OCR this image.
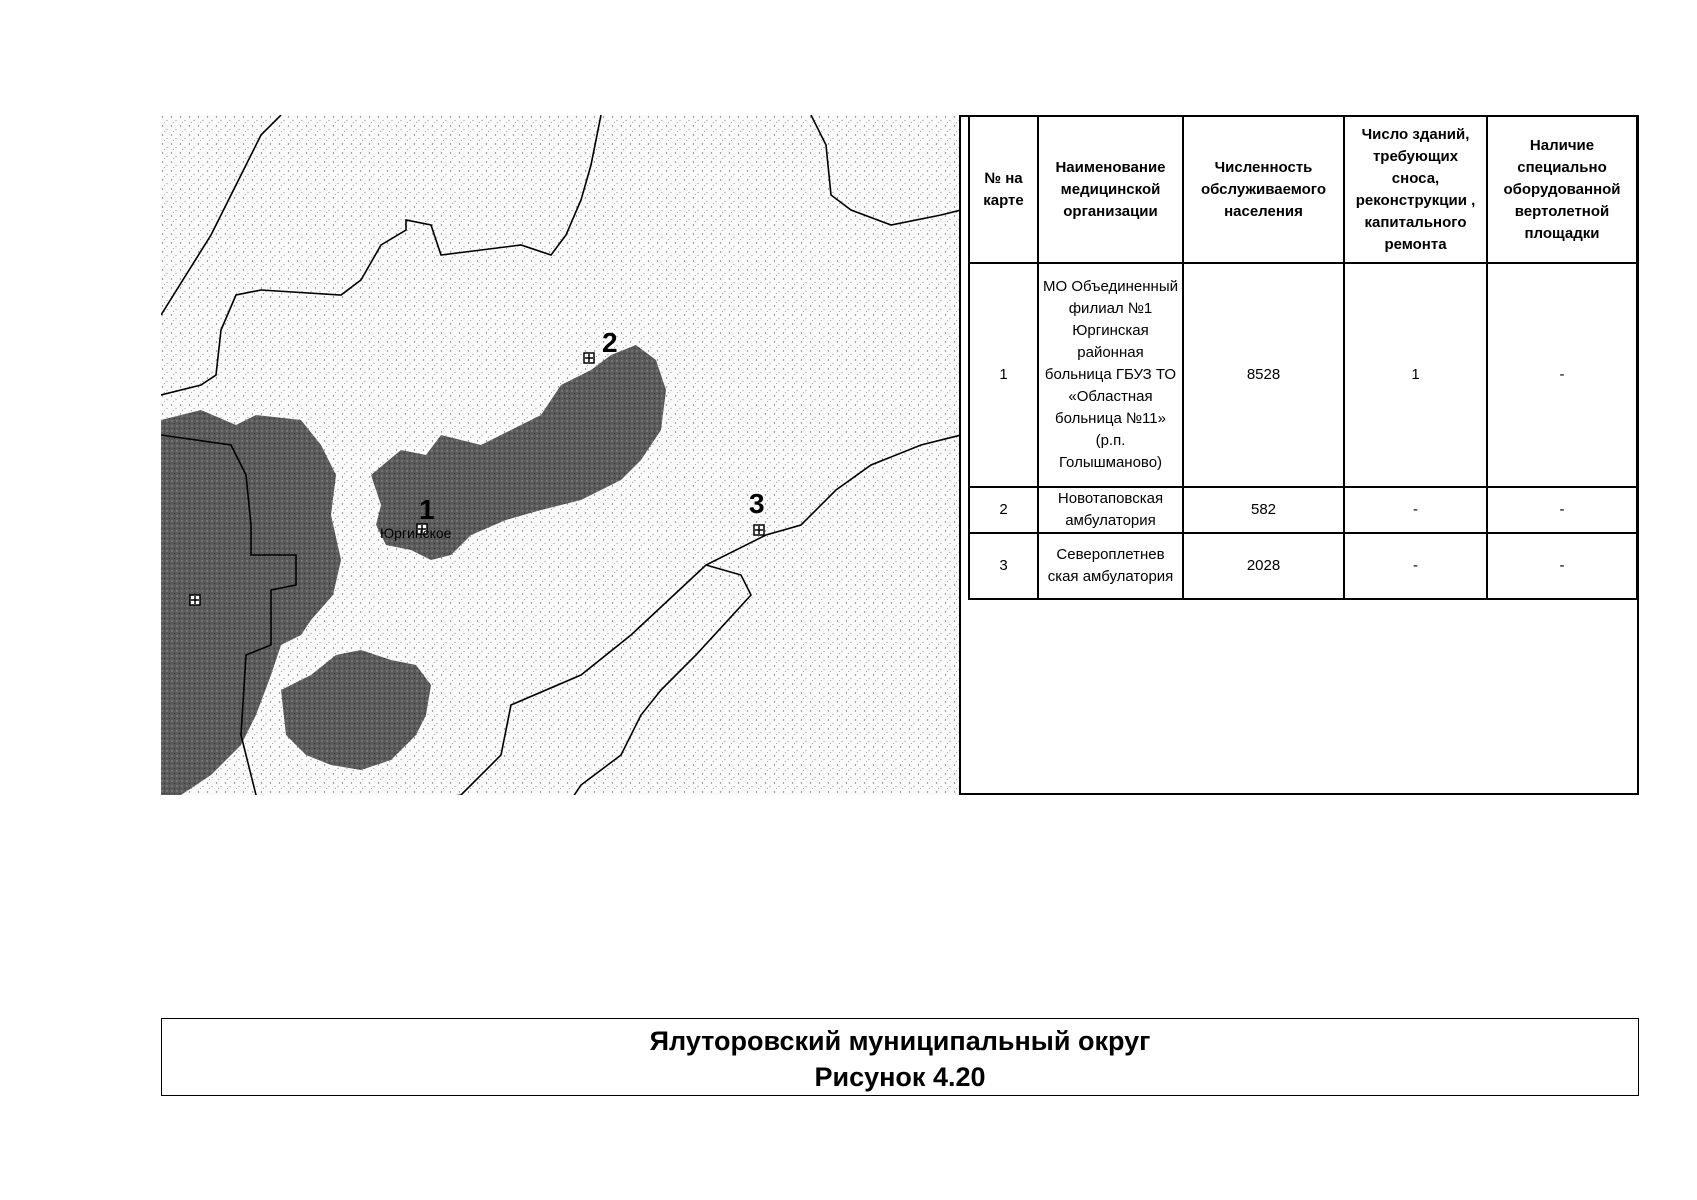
1
Юргинское
2
3
№ на карте	Наименование медицинской организации	Численность обслуживаемого населения	Число зданий, требующих сноса, реконструкции , капитального ремонта	Наличие специально оборудованной вертолетной площадки
1	МО Объединенный филиал №1 Юргинская районная больница ГБУЗ ТО «Областная больница №11» (р.п. Голышманово)	8528	1	-
2	Новотаповская амбулатория	582	-	-
3	Североплетнев ская амбулатория	2028	-	-
Ялуторовский муниципальный округ
Рисунок 4.20
